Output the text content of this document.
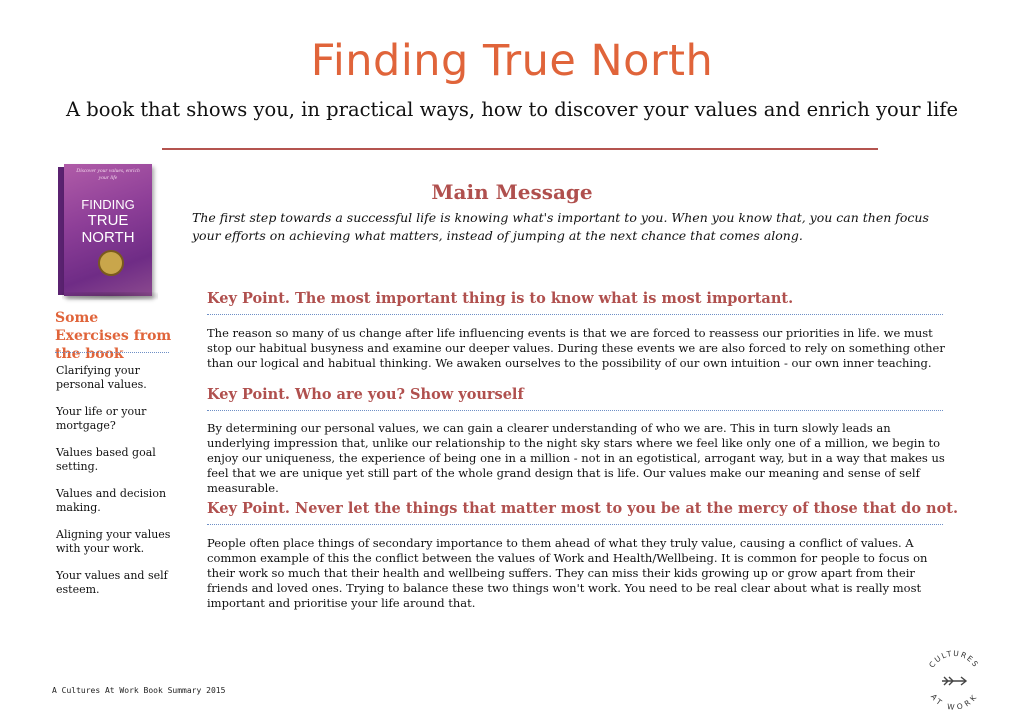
Finding True North
A book that shows you, in practical ways, how to discover your values and enrich your life
Discover your values, enrich your life
FINDING
TRUE
NORTH
Some Exercises from the book
Clarifying your personal values.
Your life or your mortgage?
Values based goal setting.
Values and decision making.
Aligning your values with your work.
Your values and self esteem.
Main Message
The first step towards a successful life is knowing what's important to you. When you know that, you can then focus your efforts on achieving what matters, instead of jumping at the next chance that comes along.
Key Point. The most important thing is to know what is most important.
The reason so many of us change after life influencing events is that we are forced to reassess our priorities in life. we must stop our habitual busyness and examine our deeper values. During these events we are also forced to rely on something other than our logical and habitual thinking. We awaken ourselves to the possibility of our own intuition - our own inner teaching.
Key Point. Who are you? Show yourself
By determining our personal values, we can gain a clearer understanding of who we are. This in turn slowly leads an underlying impression that, unlike our relationship to the night sky stars where we feel like only one of a million, we begin to enjoy our uniqueness, the experience of being one in a million - not in an egotistical, arrogant way, but in a way that makes us feel that we are unique yet still part of the whole grand design that is life. Our values make our meaning and sense of self measurable.
Key Point. Never let the things that matter most to you be at the mercy of those that do not.
People often place things of secondary importance to them ahead of what they truly value, causing a conflict of values. A common example of this the conflict between the values of Work and Health/Wellbeing. It is common for people to focus on their work so much that their health and wellbeing suffers. They can miss their kids growing up or grow apart from their friends and loved ones. Trying to balance these two things won't work. You need to be real clear about what is really most important and prioritise your life around that.
A Cultures At Work Book Summary 2015
CULTURES
AT WORK
